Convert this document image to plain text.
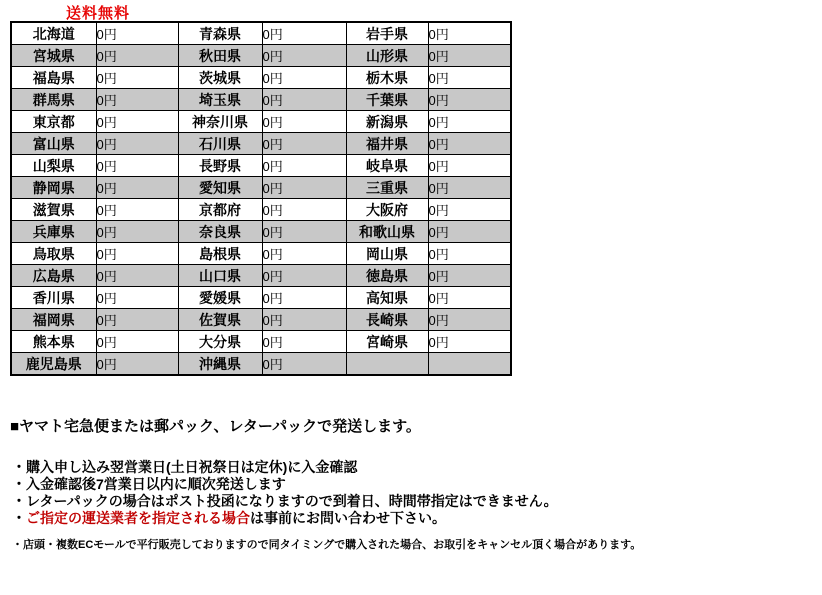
送料無料
北海道	0円	青森県	0円	岩手県	0円
宮城県	0円	秋田県	0円	山形県	0円
福島県	0円	茨城県	0円	栃木県	0円
群馬県	0円	埼玉県	0円	千葉県	0円
東京都	0円	神奈川県	0円	新潟県	0円
富山県	0円	石川県	0円	福井県	0円
山梨県	0円	長野県	0円	岐阜県	0円
静岡県	0円	愛知県	0円	三重県	0円
滋賀県	0円	京都府	0円	大阪府	0円
兵庫県	0円	奈良県	0円	和歌山県	0円
鳥取県	0円	島根県	0円	岡山県	0円
広島県	0円	山口県	0円	徳島県	0円
香川県	0円	愛媛県	0円	高知県	0円
福岡県	0円	佐賀県	0円	長崎県	0円
熊本県	0円	大分県	0円	宮崎県	0円
鹿児島県	0円	沖縄県	0円		

■ヤマト宅急便または郵パック、レターパックで発送します。

・購入申し込み翌営業日(土日祝祭日は定休)に入金確認
・入金確認後7営業日以内に順次発送します
・レターパックの場合はポスト投函になりますので到着日、時間帯指定はできません。
・ご指定の運送業者を指定される場合は事前にお問い合わせ下さい。

・店頭・複数ECモールで平行販売しておりますので同タイミングで購入された場合、お取引をキャンセル頂く場合があります。
